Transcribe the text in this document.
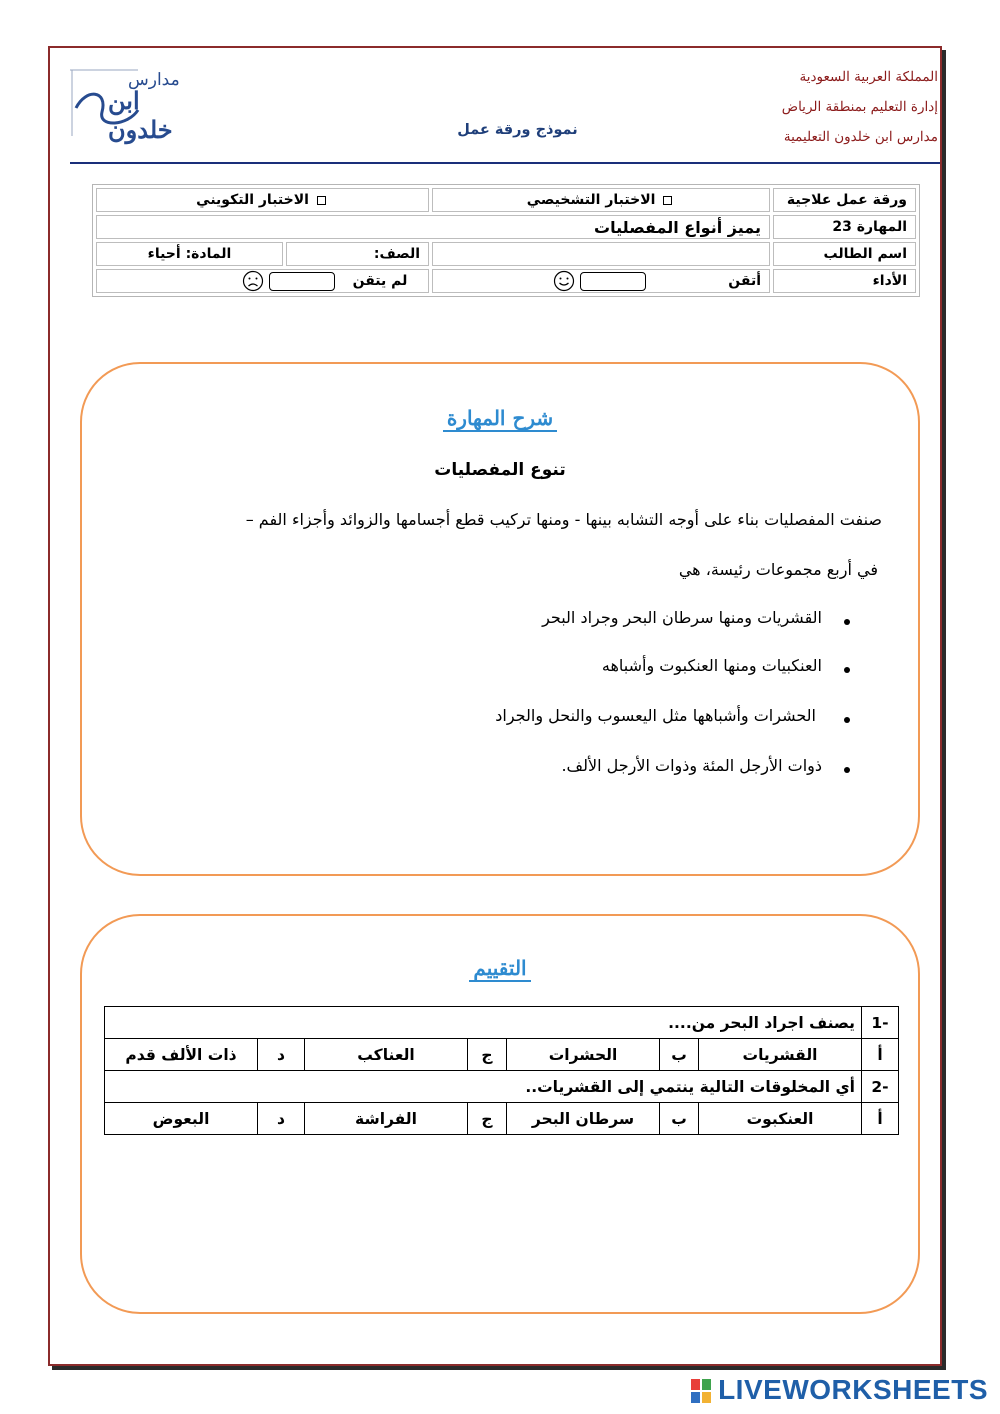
المملكة العربية السعودية
إدارة التعليم بمنطقة الرياض
مدارس ابن خلدون التعليمية
نموذج ورقة عمل
مدارس
ابن خلدون
ورقة عمل علاجية	الاختبار التشخيصي	الاختبار التكويني	
المهارة 23	يميز أنواع المفصليات		
اسم الطالب		الصف:	المادة: أحياء
الأداء	أتقن	لم يتقن	
شرح المهارة
تنوع المفصليات
صنفت المفصليات بناء على أوجه التشابه بينها - ومنها تركيب قطع أجسامها والزوائد وأجزاء الفم –
في أربع مجموعات رئيسة، هي
القشريات ومنها سرطان البحر وجراد البحر
العنكبيات ومنها العنكبوت وأشباهه
الحشرات وأشباهها مثل اليعسوب والنحل والجراد
ذوات الأرجل المئة وذوات الأرجل الألف.
التقييم
-1	يصنف اجراد البحر من....						
أ	القشريات	ب	الحشرات	ج	العناكب	د	ذات الألف قدم
-2	أي المخلوقات التالية ينتمي إلى القشريات..						
أ	العنكبوت	ب	سرطان البحر	ج	الفراشة	د	البعوض
LIVEWORKSHEETS
